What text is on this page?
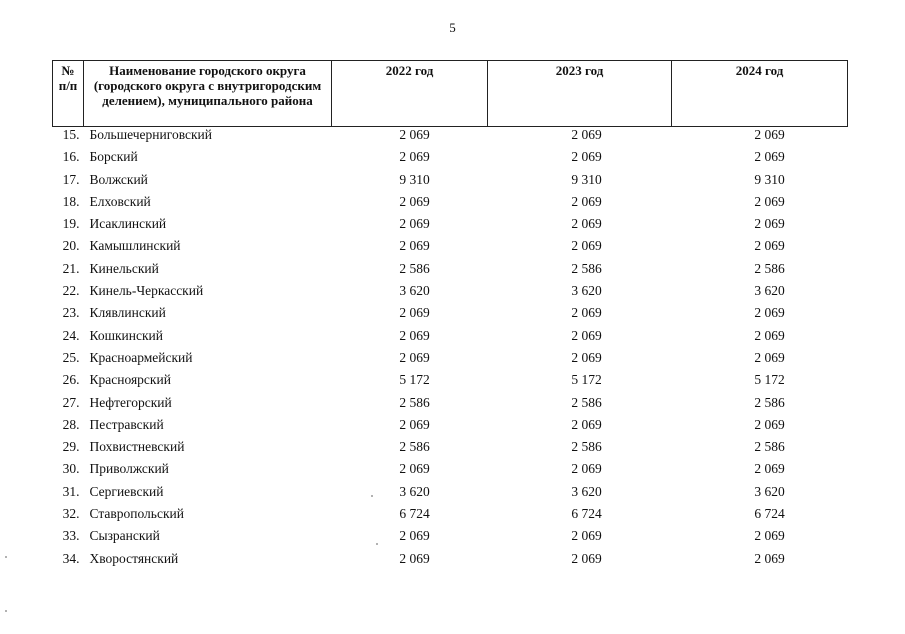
5
№ п/п	Наименование городского округа (городского округа с внутригородским делением), муниципального района	2022 год	2023 год	2024 год
15.	Большечерниговский	2 069	2 069	2 069
16.	Борский	2 069	2 069	2 069
17.	Волжский	9 310	9 310	9 310
18.	Елховский	2 069	2 069	2 069
19.	Исаклинский	2 069	2 069	2 069
20.	Камышлинский	2 069	2 069	2 069
21.	Кинельский	2 586	2 586	2 586
22.	Кинель-Черкасский	3 620	3 620	3 620
23.	Клявлинский	2 069	2 069	2 069
24.	Кошкинский	2 069	2 069	2 069
25.	Красноармейский	2 069	2 069	2 069
26.	Красноярский	5 172	5 172	5 172
27.	Нефтегорский	2 586	2 586	2 586
28.	Пестравский	2 069	2 069	2 069
29.	Похвистневский	2 586	2 586	2 586
30.	Приволжский	2 069	2 069	2 069
31.	Сергиевский	3 620	3 620	3 620
32.	Ставропольский	6 724	6 724	6 724
33.	Сызранский	2 069	2 069	2 069
34.	Хворостянский	2 069	2 069	2 069
